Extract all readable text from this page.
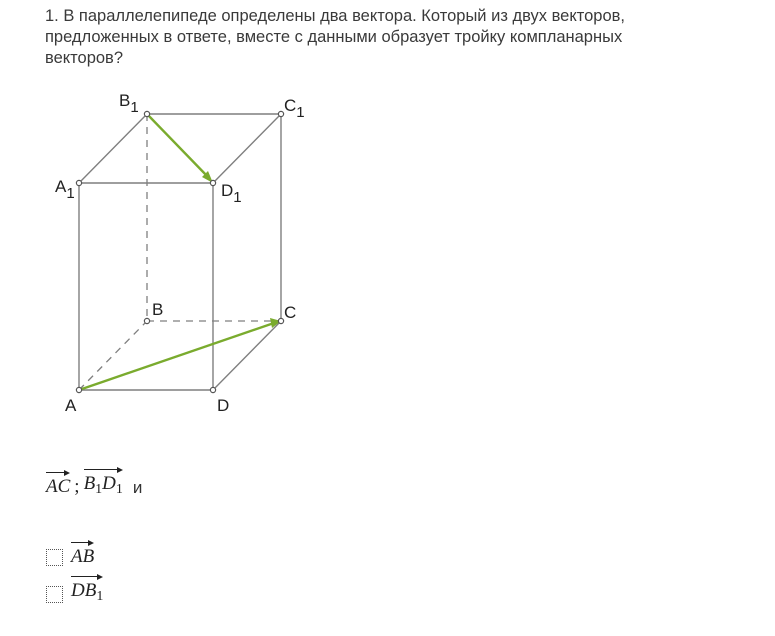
1. В параллелепипеде определены два вектора. Который из двух векторов, предложенных в ответе, вместе с данными образует тройку компланарных векторов?
B1	C1
A1	D1
B	C
A	D
AC ; $B_1D_1$ и
AB
$DB_1$
